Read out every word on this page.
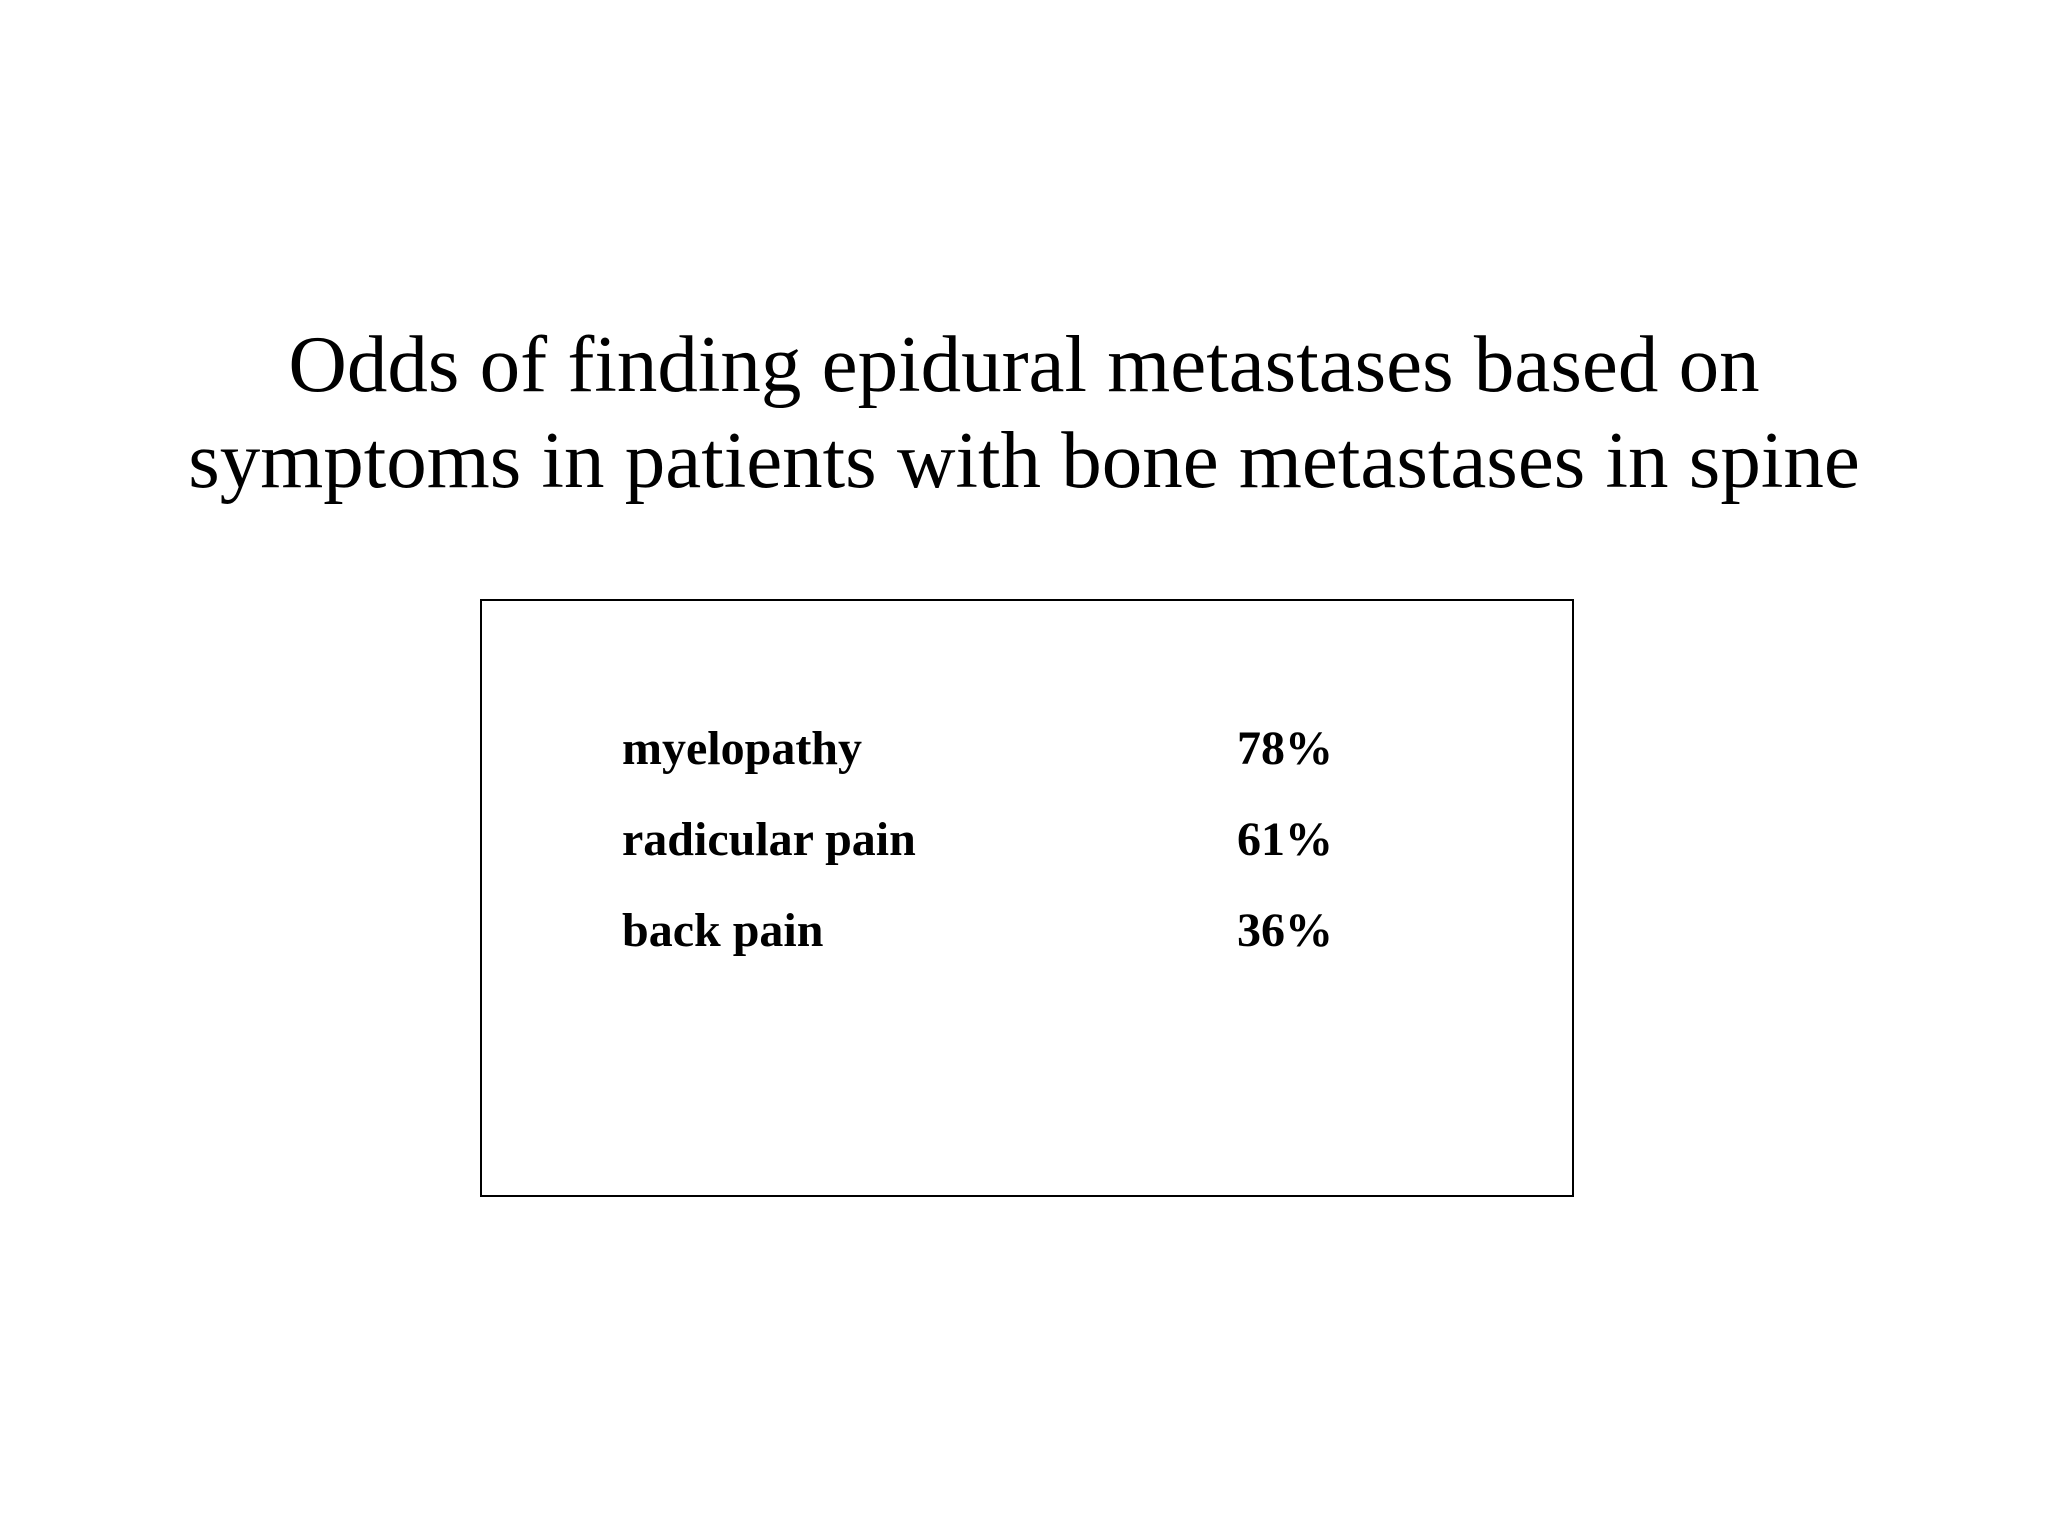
Odds of finding epidural metastases based on
symptoms in patients with bone metastases in spine
myelopathy	78%
radicular pain	61%
back pain	36%
